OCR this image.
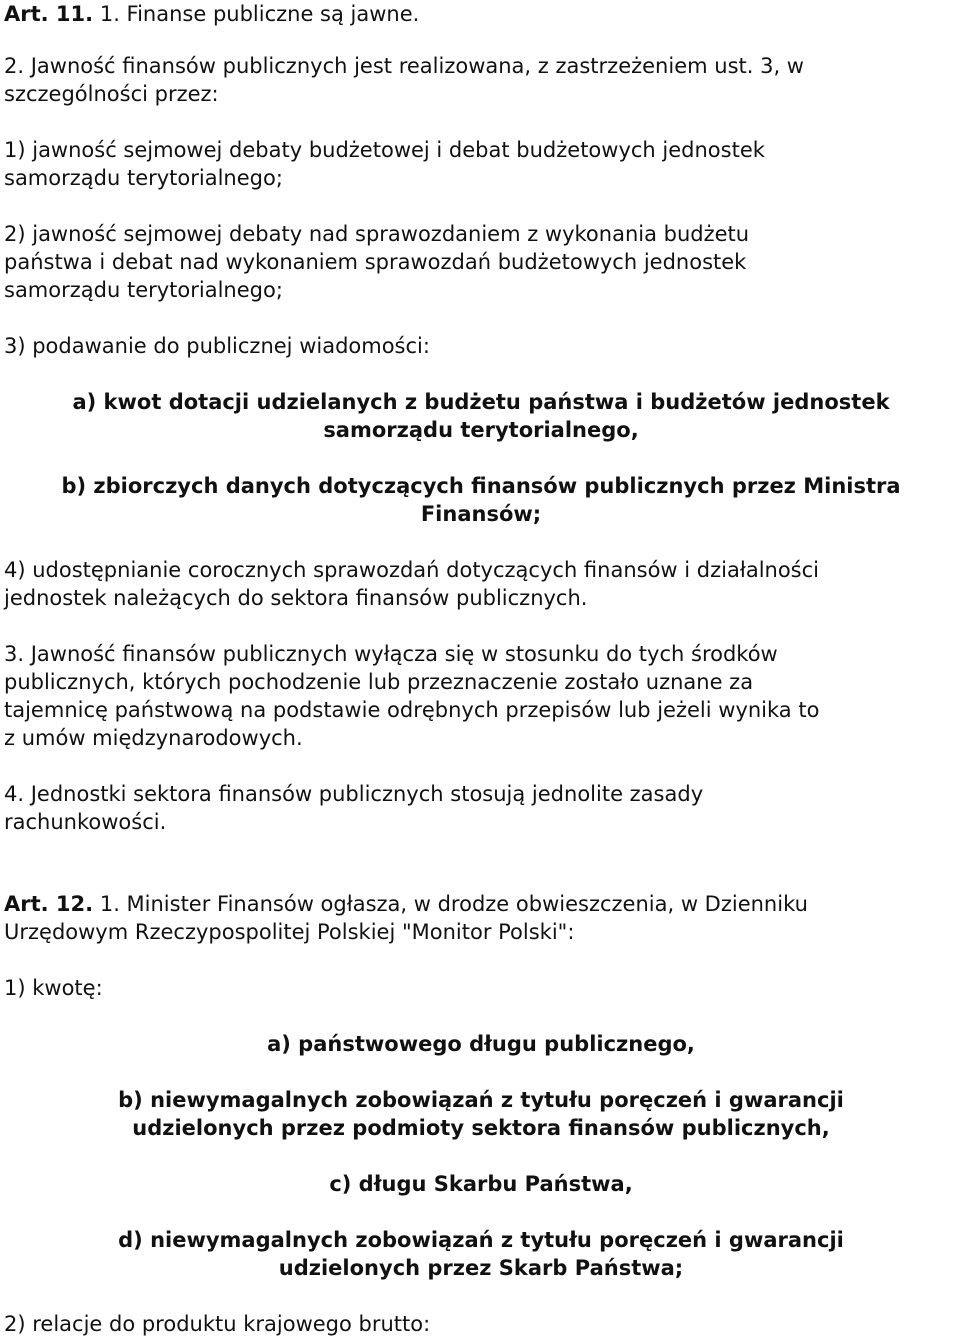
Art. 11. 1. Finanse publiczne są jawne.

2. Jawność finansów publicznych jest realizowana, z zastrzeżeniem ust. 3, w
szczególności przez:

1) jawność sejmowej debaty budżetowej i debat budżetowych jednostek
samorządu terytorialnego;

2) jawność sejmowej debaty nad sprawozdaniem z wykonania budżetu
państwa i debat nad wykonaniem sprawozdań budżetowych jednostek
samorządu terytorialnego;

3) podawanie do publicznej wiadomości:

a) kwot dotacji udzielanych z budżetu państwa i budżetów jednostek
samorządu terytorialnego,

b) zbiorczych danych dotyczących finansów publicznych przez Ministra
Finansów;

4) udostępnianie corocznych sprawozdań dotyczących finansów i działalności
jednostek należących do sektora finansów publicznych.

3. Jawność finansów publicznych wyłącza się w stosunku do tych środków
publicznych, których pochodzenie lub przeznaczenie zostało uznane za
tajemnicę państwową na podstawie odrębnych przepisów lub jeżeli wynika to
z umów międzynarodowych.

4. Jednostki sektora finansów publicznych stosują jednolite zasady
rachunkowości.

Art. 12. 1. Minister Finansów ogłasza, w drodze obwieszczenia, w Dzienniku
Urzędowym Rzeczypospolitej Polskiej "Monitor Polski":

1) kwotę:

a) państwowego długu publicznego,

b) niewymagalnych zobowiązań z tytułu poręczeń i gwarancji
udzielonych przez podmioty sektora finansów publicznych,

c) długu Skarbu Państwa,

d) niewymagalnych zobowiązań z tytułu poręczeń i gwarancji
udzielonych przez Skarb Państwa;

2) relacje do produktu krajowego brutto:
